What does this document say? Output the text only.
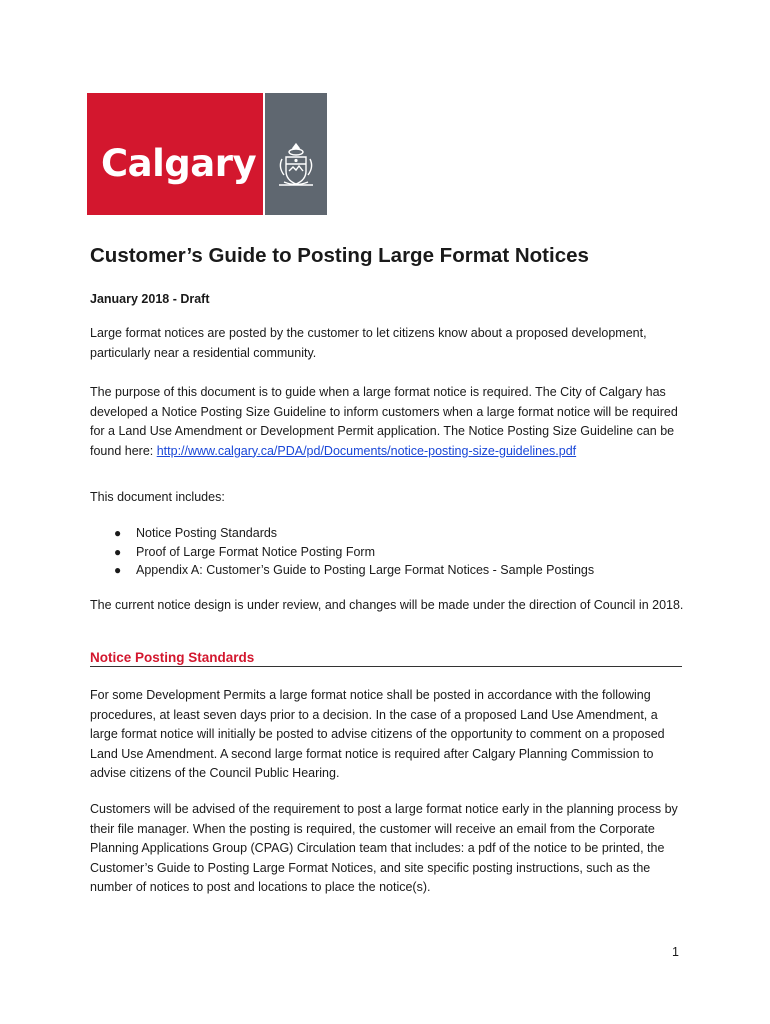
Calgary
Customer’s Guide to Posting Large Format Notices

January 2018 - Draft

Large format notices are posted by the customer to let citizens know about a proposed development, particularly near a residential community.

The purpose of this document is to guide when a large format notice is required. The City of Calgary has developed a Notice Posting Size Guideline to inform customers when a large format notice will be required for a Land Use Amendment or Development Permit application. The Notice Posting Size Guideline can be found here: http://www.calgary.ca/PDA/pd/Documents/notice-posting-size-guidelines.pdf

This document includes:

● Notice Posting Standards
● Proof of Large Format Notice Posting Form
● Appendix A: Customer’s Guide to Posting Large Format Notices - Sample Postings

The current notice design is under review, and changes will be made under the direction of Council in 2018.

Notice Posting Standards

For some Development Permits a large format notice shall be posted in accordance with the following procedures, at least seven days prior to a decision. In the case of a proposed Land Use Amendment, a large format notice will initially be posted to advise citizens of the opportunity to comment on a proposed Land Use Amendment. A second large format notice is required after Calgary Planning Commission to advise citizens of the Council Public Hearing.

Customers will be advised of the requirement to post a large format notice early in the planning process by their file manager. When the posting is required, the customer will receive an email from the Corporate Planning Applications Group (CPAG) Circulation team that includes: a pdf of the notice to be printed, the Customer’s Guide to Posting Large Format Notices, and site specific posting instructions, such as the number of notices to post and locations to place the notice(s).

1
